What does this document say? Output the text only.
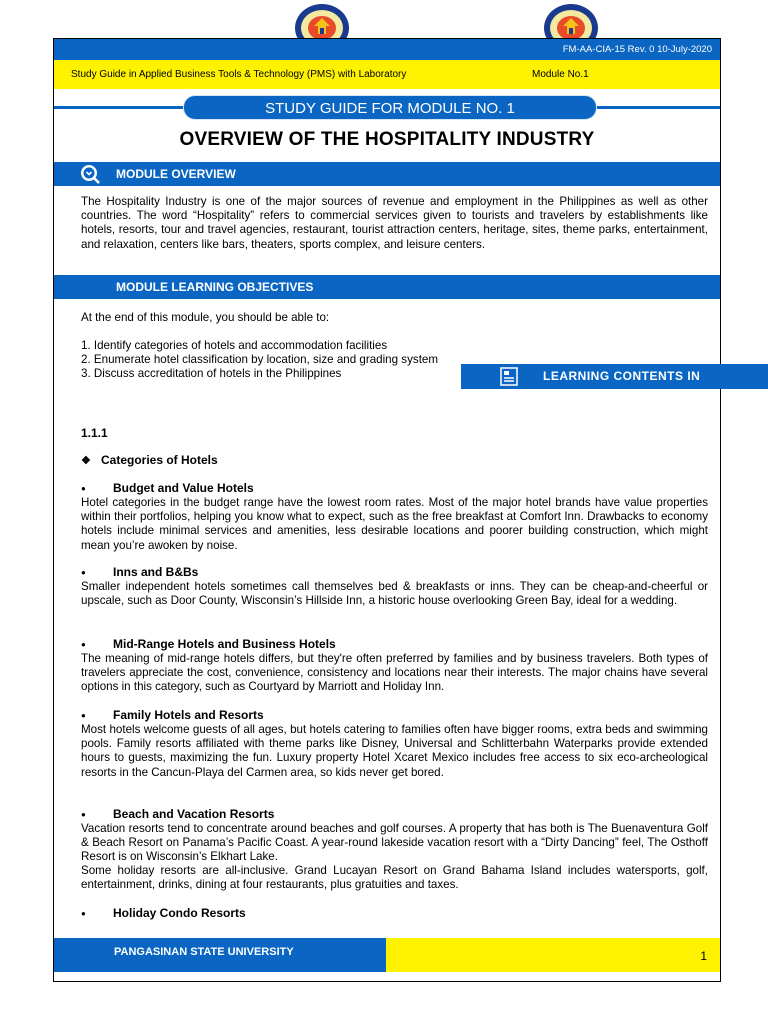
FM-AA-CIA-15 Rev. 0 10-July-2020
Study Guide in Applied Business Tools & Technology (PMS) with Laboratory	Module No.1
STUDY GUIDE FOR MODULE NO. 1
OVERVIEW OF THE HOSPITALITY INDUSTRY
MODULE OVERVIEW
The Hospitality Industry is one of the major sources of revenue and employment in the Philippines as well as other countries. The word “Hospitality” refers to commercial services given to tourists and travelers by establishments like hotels, resorts, tour and travel agencies, restaurant, tourist attraction centers, heritage, sites, theme parks, entertainment, and relaxation, centers like bars, theaters, sports complex, and leisure centers.
MODULE LEARNING OBJECTIVES
At the end of this module, you should be able to:
1. Identify categories of hotels and accommodation facilities
2. Enumerate hotel classification by location, size and grading system
3. Discuss accreditation of hotels in the Philippines	LEARNING CONTENTS IN
1.1.1
❖ Categories of Hotels
● Budget and Value Hotels
Hotel categories in the budget range have the lowest room rates. Most of the major hotel brands have value properties within their portfolios, helping you know what to expect, such as the free breakfast at Comfort Inn. Drawbacks to economy hotels include minimal services and amenities, less desirable locations and poorer building construction, which might mean you’re awoken by noise.
● Inns and B&Bs
Smaller independent hotels sometimes call themselves bed & breakfasts or inns. They can be cheap-and-cheerful or upscale, such as Door County, Wisconsin’s Hillside Inn, a historic house overlooking Green Bay, ideal for a wedding.
● Mid-Range Hotels and Business Hotels
The meaning of mid-range hotels differs, but they're often preferred by families and by business travelers. Both types of travelers appreciate the cost, convenience, consistency and locations near their interests. The major chains have several options in this category, such as Courtyard by Marriott and Holiday Inn.
● Family Hotels and Resorts
Most hotels welcome guests of all ages, but hotels catering to families often have bigger rooms, extra beds and swimming pools. Family resorts affiliated with theme parks like Disney, Universal and Schlitterbahn Waterparks provide extended hours to guests, maximizing the fun. Luxury property Hotel Xcaret Mexico includes free access to six eco-archeological resorts in the Cancun-Playa del Carmen area, so kids never get bored.
● Beach and Vacation Resorts
Vacation resorts tend to concentrate around beaches and golf courses. A property that has both is The Buenaventura Golf & Beach Resort on Panama’s Pacific Coast. A year-round lakeside vacation resort with a “Dirty Dancing” feel, The Osthoff Resort is on Wisconsin’s Elkhart Lake.
Some holiday resorts are all-inclusive. Grand Lucayan Resort on Grand Bahama Island includes watersports, golf, entertainment, drinks, dining at four restaurants, plus gratuities and taxes.
● Holiday Condo Resorts
PANGASINAN STATE UNIVERSITY	1
